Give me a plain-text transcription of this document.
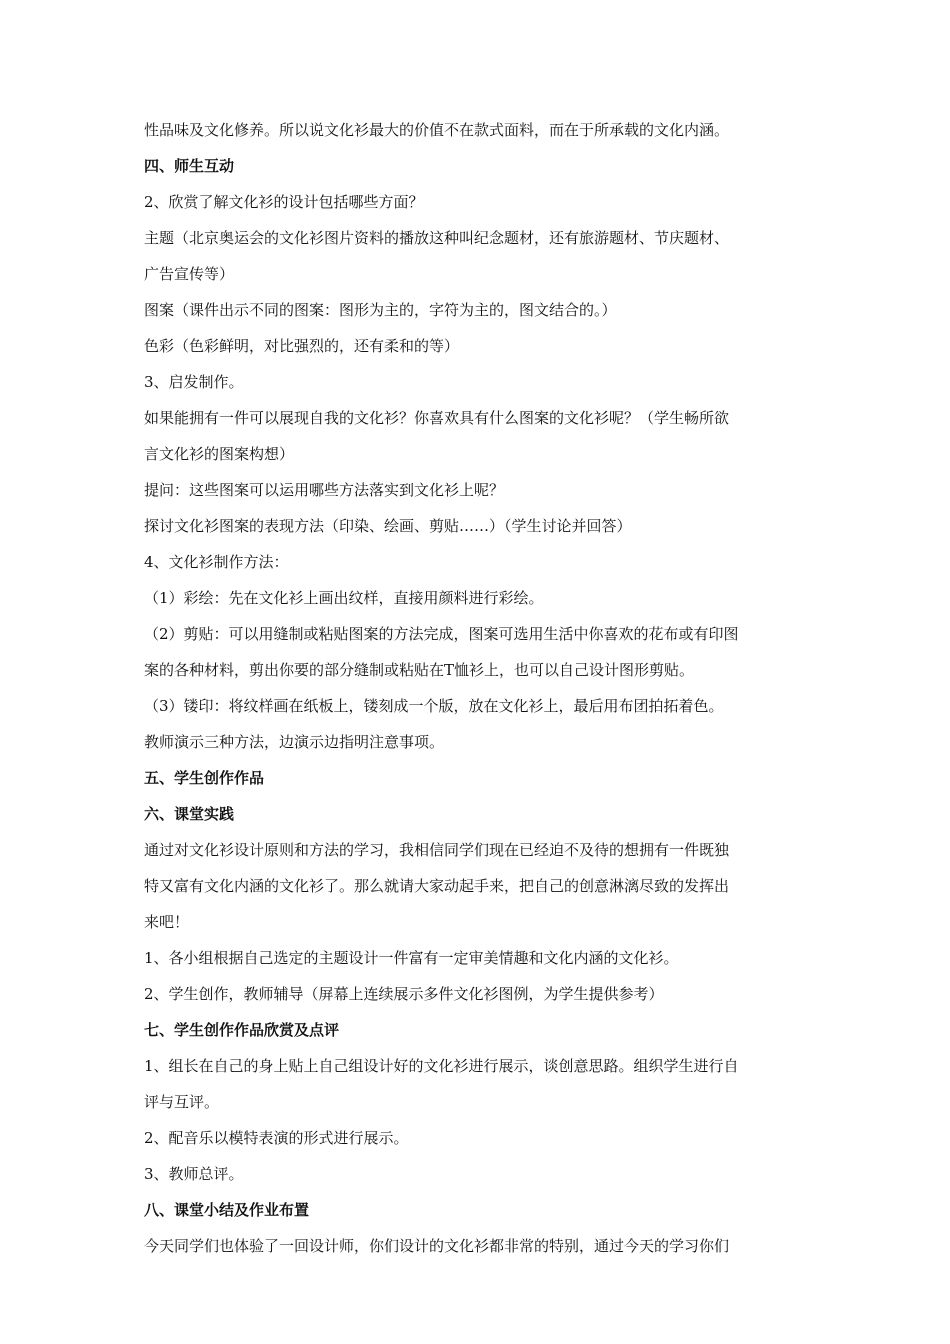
性品味及文化修养。所以说文化衫最大的价值不在款式面料，而在于所承载的文化内涵。
四、师生互动
2、欣赏了解文化衫的设计包括哪些方面？
主题（北京奥运会的文化衫图片资料的播放这种叫纪念题材，还有旅游题材、节庆题材、
广告宣传等）
图案（课件出示不同的图案：图形为主的，字符为主的，图文结合的。）
色彩（色彩鲜明，对比强烈的，还有柔和的等）
3、启发制作。
如果能拥有一件可以展现自我的文化衫？你喜欢具有什么图案的文化衫呢？（学生畅所欲
言文化衫的图案构想）
提问：这些图案可以运用哪些方法落实到文化衫上呢？
探讨文化衫图案的表现方法（印染、绘画、剪贴……）（学生讨论并回答）
4、文化衫制作方法：
（1）彩绘：先在文化衫上画出纹样，直接用颜料进行彩绘。
（2）剪贴：可以用缝制或粘贴图案的方法完成，图案可选用生活中你喜欢的花布或有印图
案的各种材料，剪出你要的部分缝制或粘贴在T恤衫上，也可以自己设计图形剪贴。
（3）镂印：将纹样画在纸板上，镂刻成一个版，放在文化衫上，最后用布团拍拓着色。
教师演示三种方法，边演示边指明注意事项。
五、学生创作作品
六、课堂实践
通过对文化衫设计原则和方法的学习，我相信同学们现在已经迫不及待的想拥有一件既独
特又富有文化内涵的文化衫了。那么就请大家动起手来，把自己的创意淋漓尽致的发挥出
来吧！
1、各小组根据自己选定的主题设计一件富有一定审美情趣和文化内涵的文化衫。
2、学生创作，教师辅导（屏幕上连续展示多件文化衫图例，为学生提供参考）
七、学生创作作品欣赏及点评
1、组长在自己的身上贴上自己组设计好的文化衫进行展示，谈创意思路。组织学生进行自
评与互评。
2、配音乐以模特表演的形式进行展示。
3、教师总评。
八、课堂小结及作业布置
今天同学们也体验了一回设计师，你们设计的文化衫都非常的特别，通过今天的学习你们
